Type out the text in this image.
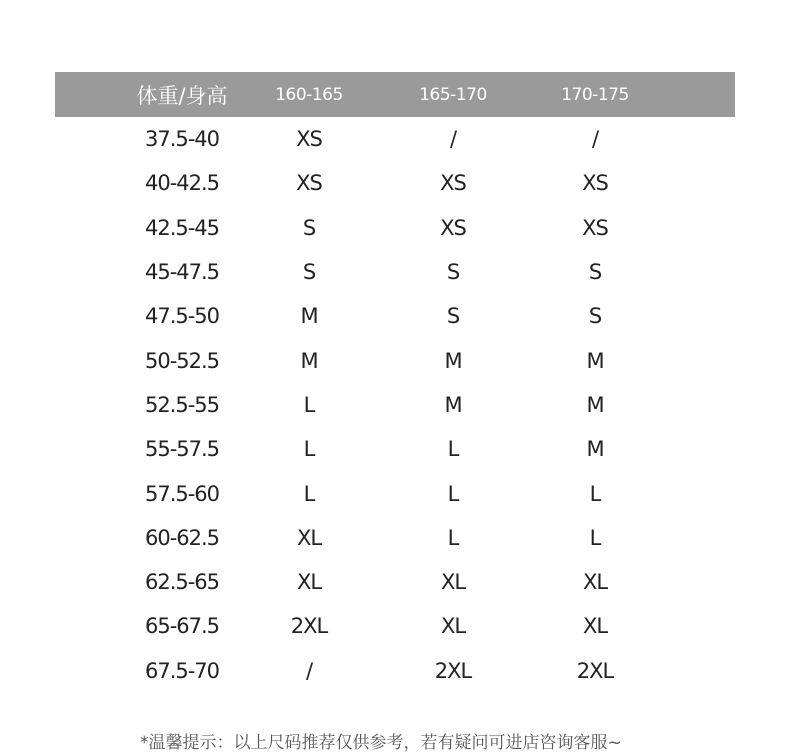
体重/身高	160-165	165-170	170-175
37.5-40	XS	/	/
40-42.5	XS	XS	XS
42.5-45	S	XS	XS
45-47.5	S	S	S
47.5-50	M	S	S
50-52.5	M	M	M
52.5-55	L	M	M
55-57.5	L	L	M
57.5-60	L	L	L
60-62.5	XL	L	L
62.5-65	XL	XL	XL
65-67.5	2XL	XL	XL
67.5-70	/	2XL	2XL
*温馨提示：以上尺码推荐仅供参考，若有疑问可进店咨询客服~
